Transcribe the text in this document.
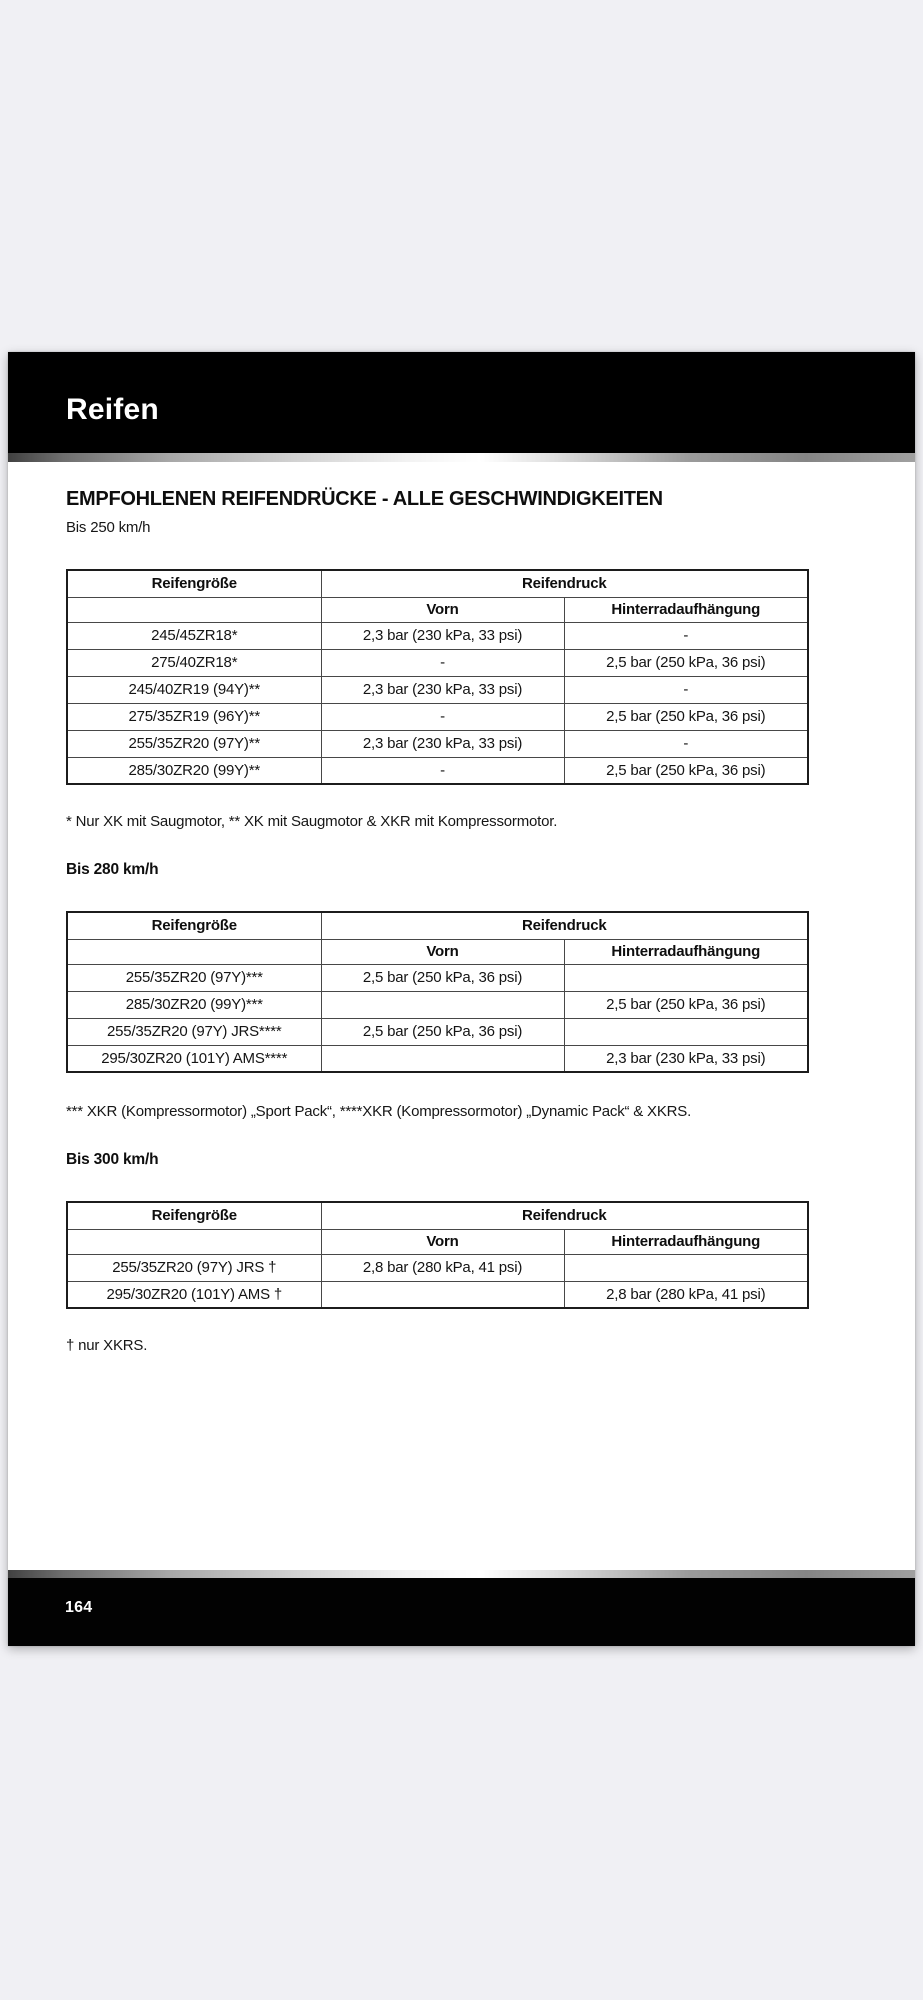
Reifen
EMPFOHLENEN REIFENDRÜCKE - ALLE GESCHWINDIGKEITEN

Bis 250 km/h

Reifengröße	Reifendruck	
	Vorn	Hinterradaufhängung
245/45ZR18*	2,3 bar (230 kPa, 33 psi)	-
275/40ZR18*	-	2,5 bar (250 kPa, 36 psi)
245/40ZR19 (94Y)**	2,3 bar (230 kPa, 33 psi)	-
275/35ZR19 (96Y)**	-	2,5 bar (250 kPa, 36 psi)
255/35ZR20 (97Y)**	2,3 bar (230 kPa, 33 psi)	-
285/30ZR20 (99Y)**	-	2,5 bar (250 kPa, 36 psi)

* Nur XK mit Saugmotor, ** XK mit Saugmotor & XKR mit Kompressormotor.

Bis 280 km/h

Reifengröße	Reifendruck	
	Vorn	Hinterradaufhängung
255/35ZR20 (97Y)***	2,5 bar (250 kPa, 36 psi)	
285/30ZR20 (99Y)***		2,5 bar (250 kPa, 36 psi)
255/35ZR20 (97Y) JRS****	2,5 bar (250 kPa, 36 psi)	
295/30ZR20 (101Y) AMS****		2,3 bar (230 kPa, 33 psi)

*** XKR (Kompressormotor) „Sport Pack“, ****XKR (Kompressormotor) „Dynamic Pack“ & XKRS.

Bis 300 km/h

Reifengröße	Reifendruck	
	Vorn	Hinterradaufhängung
255/35ZR20 (97Y) JRS †	2,8 bar (280 kPa, 41 psi)	
295/30ZR20 (101Y) AMS †		2,8 bar (280 kPa, 41 psi)

† nur XKRS.

164
